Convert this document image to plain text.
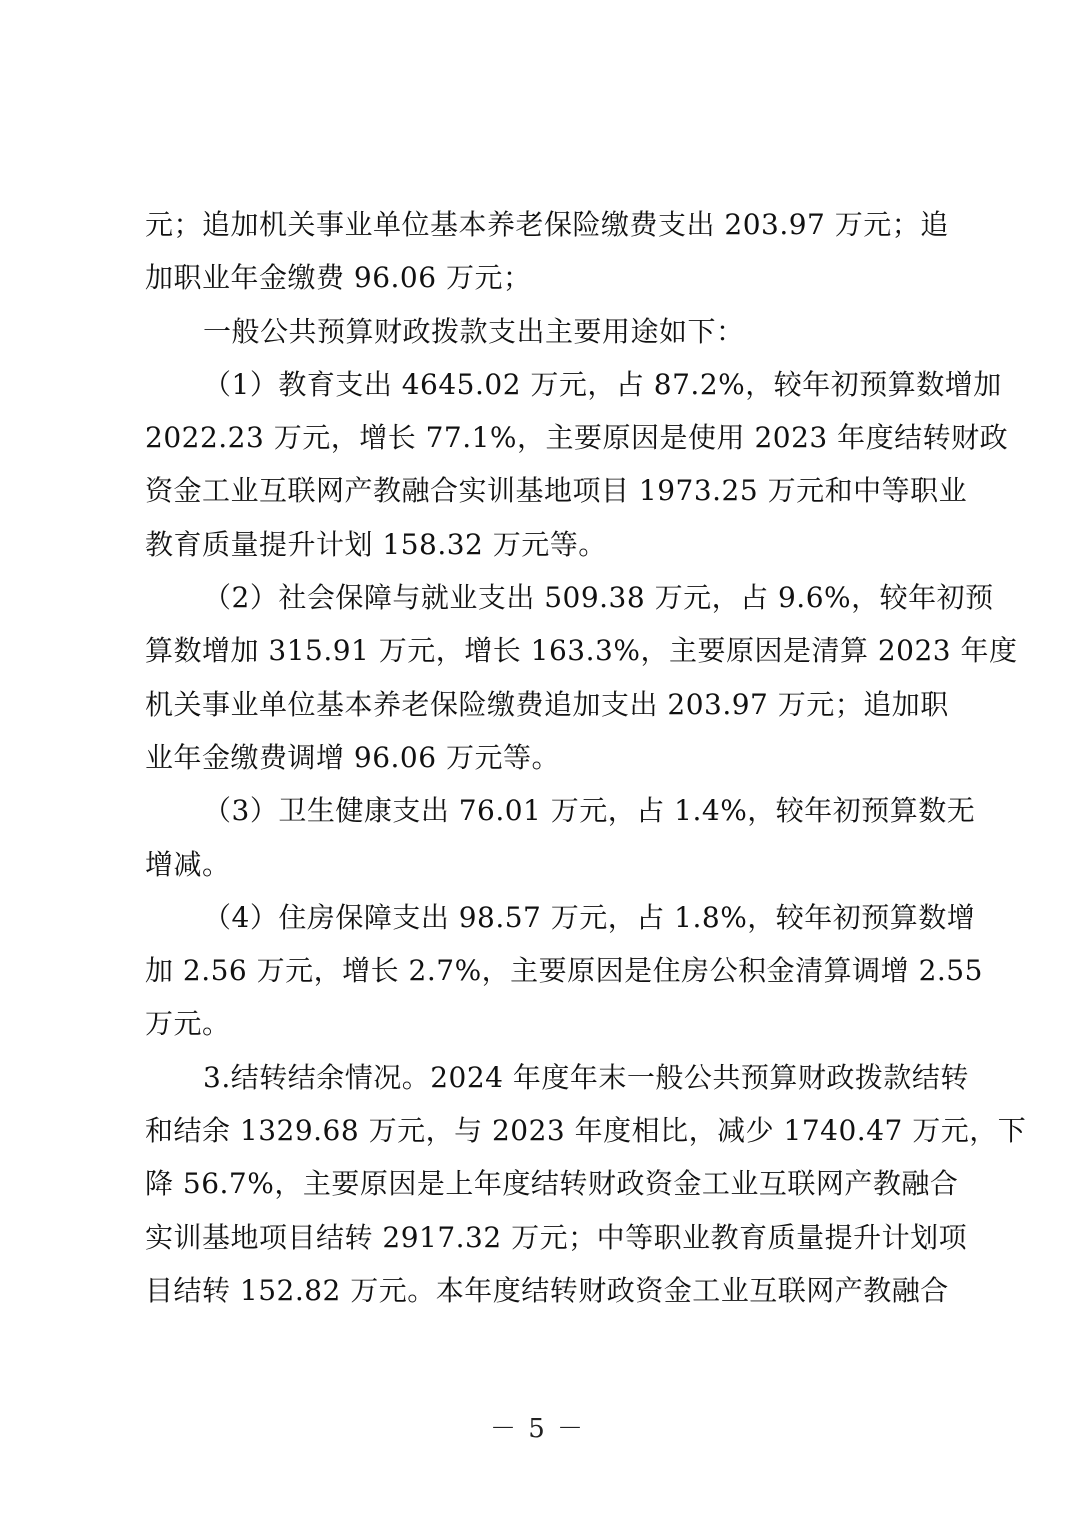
元；追加机关事业单位基本养老保险缴费支出 203.97 万元；追
加职业年金缴费 96.06 万元；
一般公共预算财政拨款支出主要用途如下：
（1）教育支出 4645.02 万元，占 87.2%，较年初预算数增加
2022.23 万元，增长 77.1%，主要原因是使用 2023 年度结转财政
资金工业互联网产教融合实训基地项目 1973.25 万元和中等职业
教育质量提升计划 158.32 万元等。
（2）社会保障与就业支出 509.38 万元，占 9.6%，较年初预
算数增加 315.91 万元，增长 163.3%，主要原因是清算 2023 年度
机关事业单位基本养老保险缴费追加支出 203.97 万元；追加职
业年金缴费调增 96.06 万元等。
（3）卫生健康支出 76.01 万元，占 1.4%，较年初预算数无
增减。
（4）住房保障支出 98.57 万元，占 1.8%，较年初预算数增
加 2.56 万元，增长 2.7%，主要原因是住房公积金清算调增 2.55
万元。
3.结转结余情况。2024 年度年末一般公共预算财政拨款结转
和结余 1329.68 万元，与 2023 年度相比，减少 1740.47 万元，下
降 56.7%，主要原因是上年度结转财政资金工业互联网产教融合
实训基地项目结转 2917.32 万元；中等职业教育质量提升计划项
目结转 152.82 万元。本年度结转财政资金工业互联网产教融合
－ 5 －
